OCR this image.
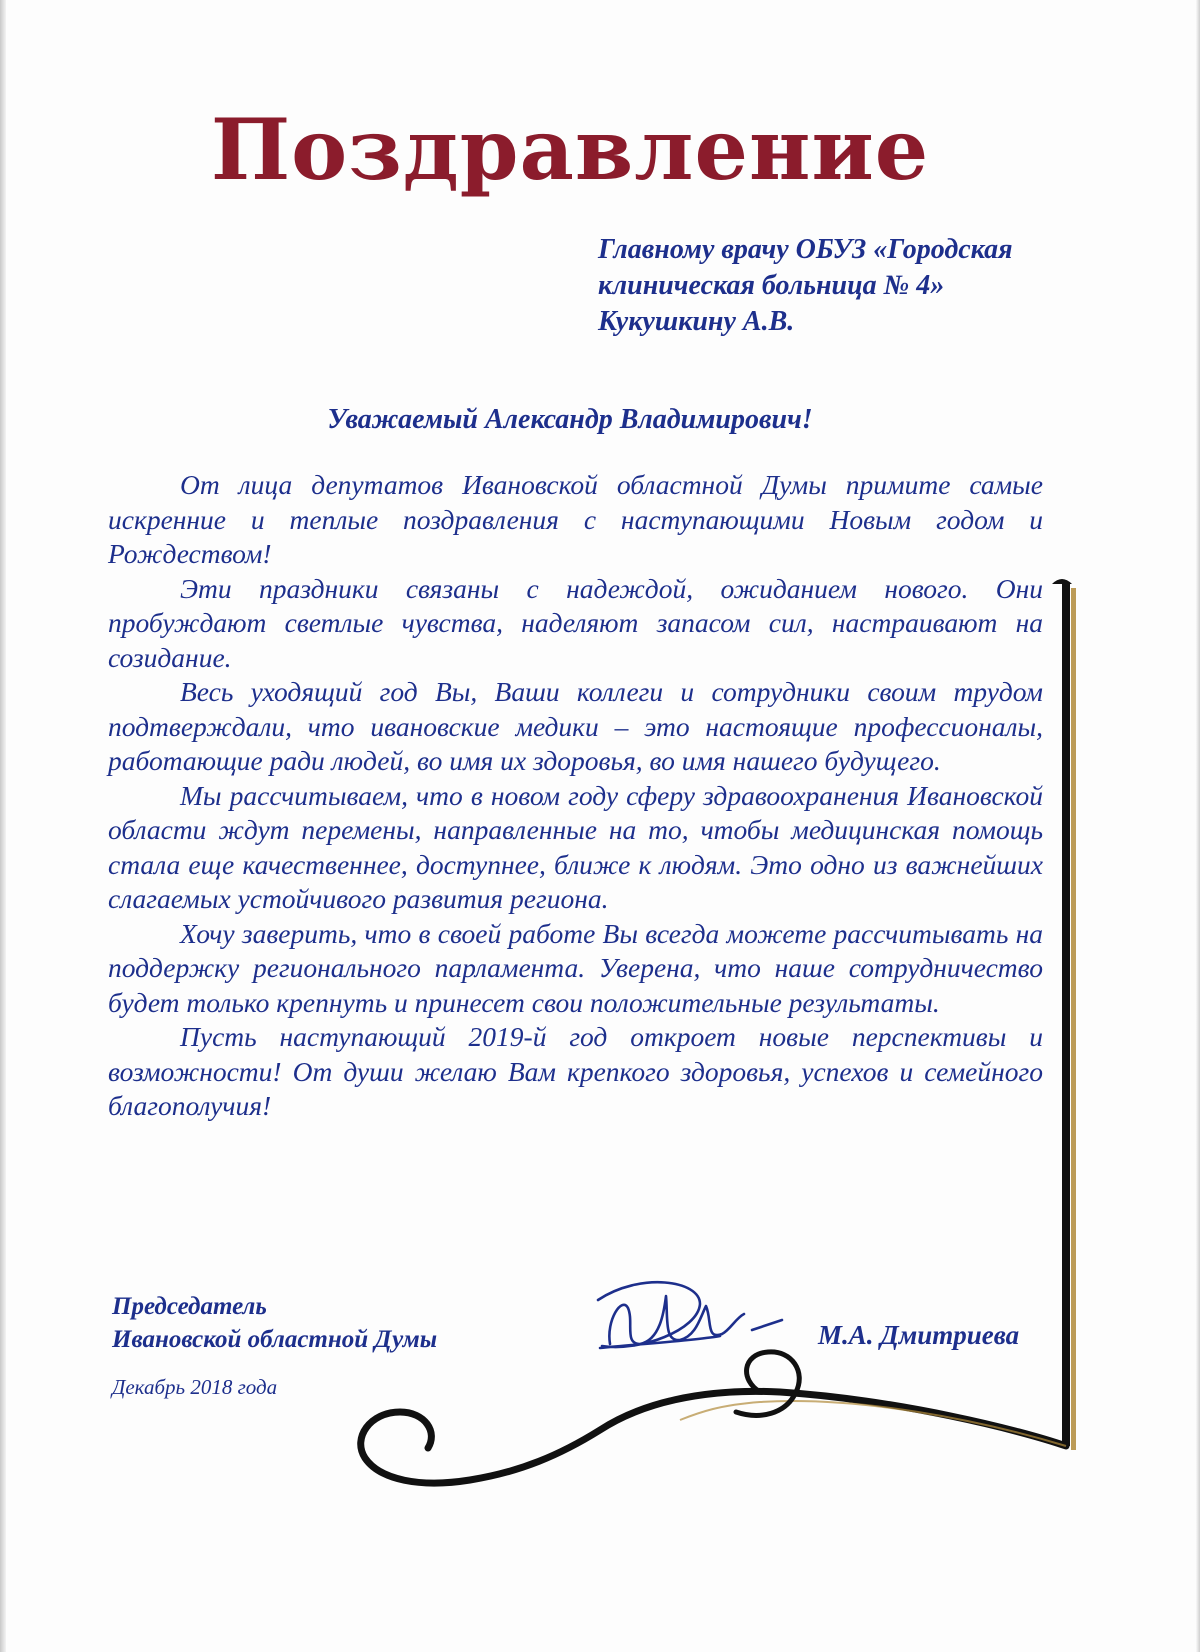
Поздравление
Главному врачу ОБУЗ «Городская
клиническая больница № 4»
Кукушкину А.В.
Уважаемый Александр Владимирович!

От лица депутатов Ивановской областной Думы примите самые искренние и теплые поздравления с наступающими Новым годом и Рождеством!

Эти праздники связаны с надеждой, ожиданием нового. Они пробуждают светлые чувства, наделяют запасом сил, настраивают на созидание.

Весь уходящий год Вы, Ваши коллеги и сотрудники своим трудом подтверждали, что ивановские медики – это настоящие профессионалы, работающие ради людей, во имя их здоровья, во имя нашего будущего.

Мы рассчитываем, что в новом году сферу здравоохранения Ивановской области ждут перемены, направленные на то, чтобы медицинская помощь стала еще качественнее, доступнее, ближе к людям. Это одно из важнейших слагаемых устойчивого развития региона.

Хочу заверить, что в своей работе Вы всегда можете рассчитывать на поддержку регионального парламента. Уверена, что наше сотрудничество будет только крепнуть и принесет свои положительные результаты.

Пусть наступающий 2019-й год откроет новые перспективы и возможности! От души желаю Вам крепкого здоровья, успехов и семейного благополучия!

Председатель
Ивановской областной Думы	М.А. Дмитриева
Декабрь 2018 года
